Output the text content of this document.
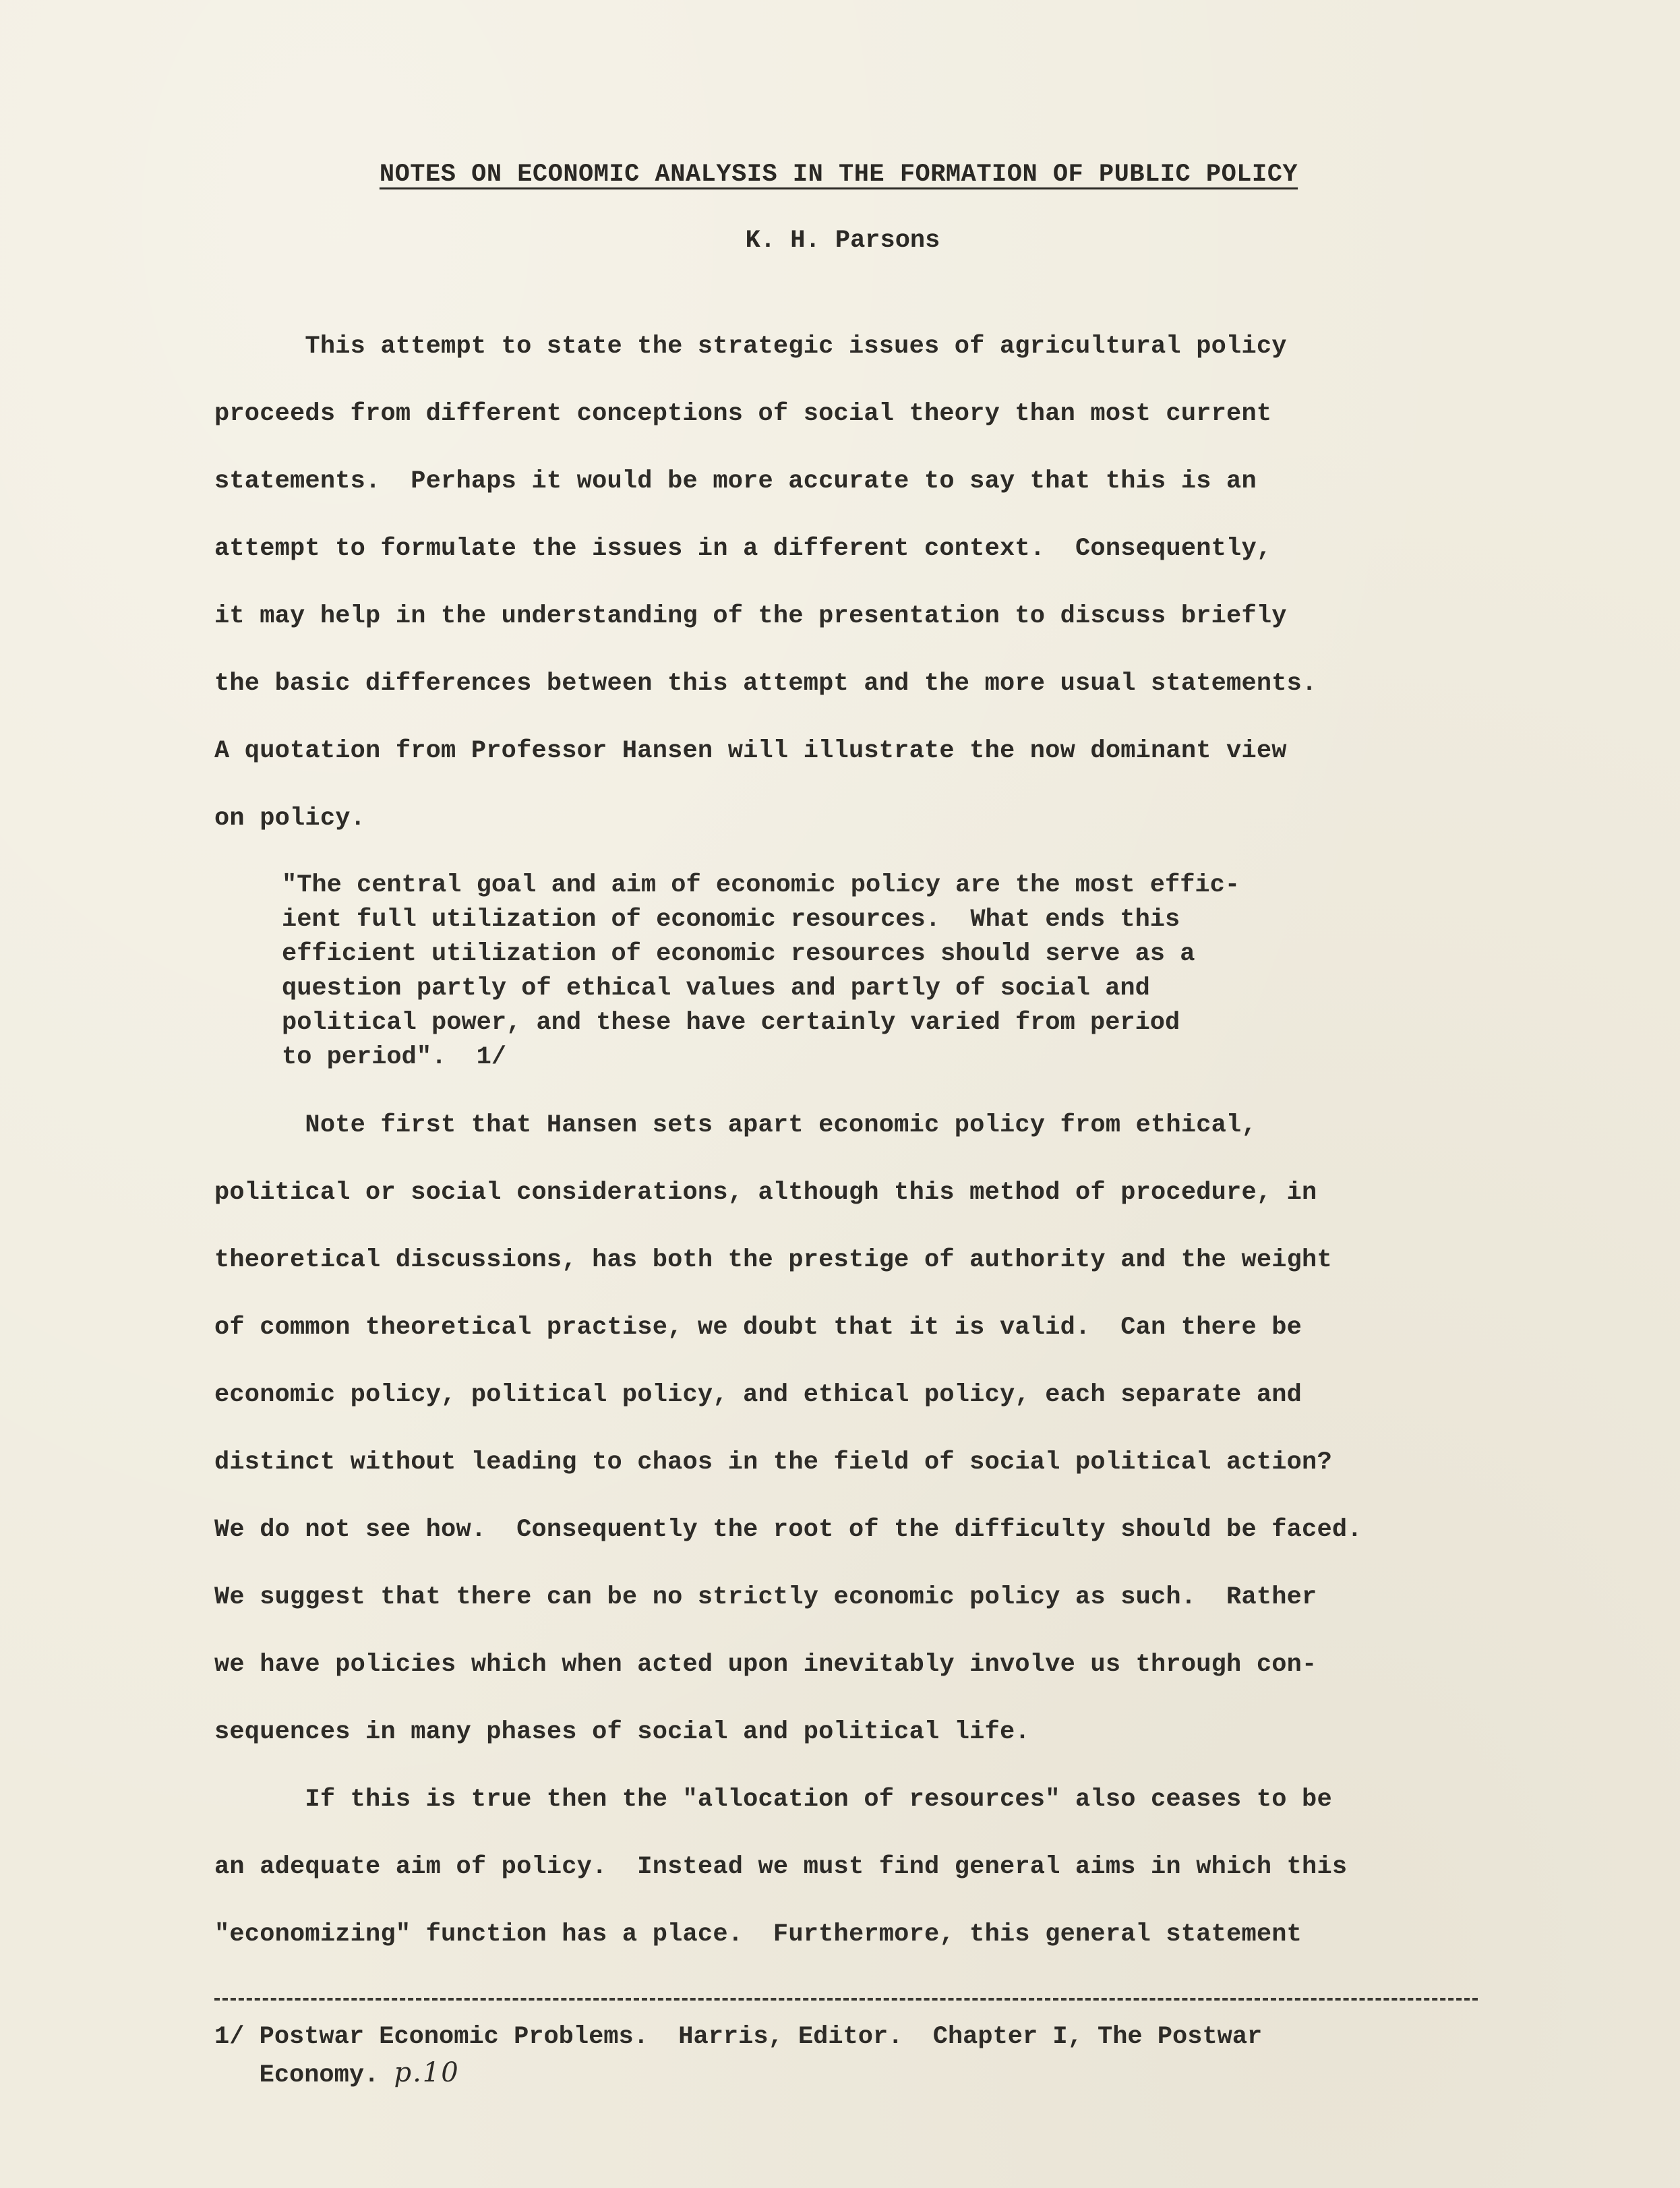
NOTES ON ECONOMIC ANALYSIS IN THE FORMATION OF PUBLIC POLICY
K. H. Parsons
This attempt to state the strategic issues of agricultural policy
proceeds from different conceptions of social theory than most current
statements.  Perhaps it would be more accurate to say that this is an
attempt to formulate the issues in a different context.  Consequently,
it may help in the understanding of the presentation to discuss briefly
the basic differences between this attempt and the more usual statements.
A quotation from Professor Hansen will illustrate the now dominant view
on policy.
"The central goal and aim of economic policy are the most effic-
ient full utilization of economic resources.  What ends this
efficient utilization of economic resources should serve as a
question partly of ethical values and partly of social and
political power, and these have certainly varied from period
to period".  1/
Note first that Hansen sets apart economic policy from ethical,
political or social considerations, although this method of procedure, in
theoretical discussions, has both the prestige of authority and the weight
of common theoretical practise, we doubt that it is valid.  Can there be
economic policy, political policy, and ethical policy, each separate and
distinct without leading to chaos in the field of social political action?
We do not see how.  Consequently the root of the difficulty should be faced.
We suggest that there can be no strictly economic policy as such.  Rather
we have policies which when acted upon inevitably involve us through con-
sequences in many phases of social and political life.
If this is true then the "allocation of resources" also ceases to be
an adequate aim of policy.  Instead we must find general aims in which this
"economizing" function has a place.  Furthermore, this general statement
1/ Postwar Economic Problems.  Harris, Editor.  Chapter I, The Postwar
Economy. p.10
